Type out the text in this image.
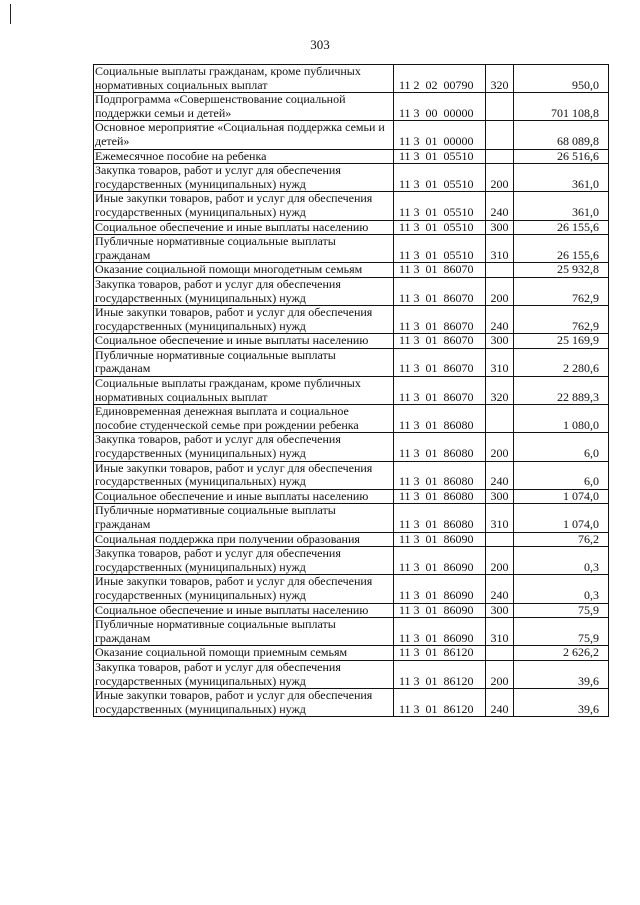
303
Социальные выплаты гражданам, кроме публичных нормативных социальных выплат	11 2  02  00790	320	950,0
Подпрограмма «Совершенствование социальной поддержки семьи и детей»	11 3  00  00000		701 108,8
Основное мероприятие «Социальная поддержка семьи и детей»	11 3  01  00000		68 089,8
Ежемесячное пособие на ребенка	11 3  01  05510		26 516,6
Закупка товаров, работ и услуг для обеспечения государственных (муниципальных) нужд	11 3  01  05510	200	361,0
Иные закупки товаров, работ и услуг для обеспечения государственных (муниципальных) нужд	11 3  01  05510	240	361,0
Социальное обеспечение и иные выплаты населению	11 3  01  05510	300	26 155,6
Публичные нормативные социальные выплаты гражданам	11 3  01  05510	310	26 155,6
Оказание социальной помощи многодетным семьям	11 3  01  86070		25 932,8
Закупка товаров, работ и услуг для обеспечения государственных (муниципальных) нужд	11 3  01  86070	200	762,9
Иные закупки товаров, работ и услуг для обеспечения государственных (муниципальных) нужд	11 3  01  86070	240	762,9
Социальное обеспечение и иные выплаты населению	11 3  01  86070	300	25 169,9
Публичные нормативные социальные выплаты гражданам	11 3  01  86070	310	2 280,6
Социальные выплаты гражданам, кроме публичных нормативных социальных выплат	11 3  01  86070	320	22 889,3
Единовременная денежная выплата и социальное пособие студенческой семье при рождении ребенка	11 3  01  86080		1 080,0
Закупка товаров, работ и услуг для обеспечения государственных (муниципальных) нужд	11 3  01  86080	200	6,0
Иные закупки товаров, работ и услуг для обеспечения государственных (муниципальных) нужд	11 3  01  86080	240	6,0
Социальное обеспечение и иные выплаты населению	11 3  01  86080	300	1 074,0
Публичные нормативные социальные выплаты гражданам	11 3  01  86080	310	1 074,0
Социальная поддержка при получении образования	11 3  01  86090		76,2
Закупка товаров, работ и услуг для обеспечения государственных (муниципальных) нужд	11 3  01  86090	200	0,3
Иные закупки товаров, работ и услуг для обеспечения государственных (муниципальных) нужд	11 3  01  86090	240	0,3
Социальное обеспечение и иные выплаты населению	11 3  01  86090	300	75,9
Публичные нормативные социальные выплаты гражданам	11 3  01  86090	310	75,9
Оказание социальной помощи приемным семьям	11 3  01  86120		2 626,2
Закупка товаров, работ и услуг для обеспечения государственных (муниципальных) нужд	11 3  01  86120	200	39,6
Иные закупки товаров, работ и услуг для обеспечения государственных (муниципальных) нужд	11 3  01  86120	240	39,6
